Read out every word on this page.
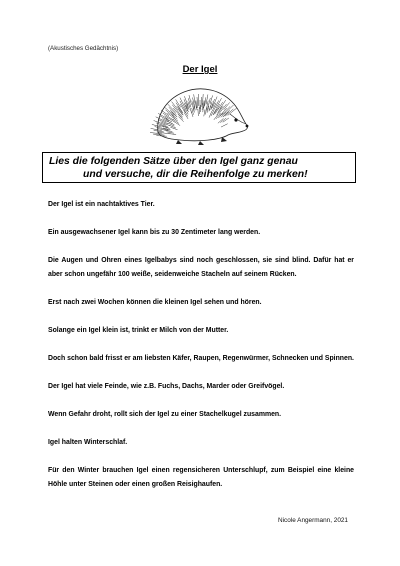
(Akustisches Gedächtnis)
Der Igel
Lies die folgenden Sätze über den Igel ganz genau
und versuche, dir die Reihenfolge zu merken!

Der Igel ist ein nachtaktives Tier.

Ein ausgewachsener Igel kann bis zu 30 Zentimeter lang werden.

Die Augen und Ohren eines Igelbabys sind noch geschlossen, sie sind blind. Dafür hat er aber schon ungefähr 100 weiße, seidenweiche Stacheln auf seinem Rücken.

Erst nach zwei Wochen können die kleinen Igel sehen und hören.

Solange ein Igel klein ist, trinkt er Milch von der Mutter.

Doch schon bald frisst er am liebsten Käfer, Raupen, Regenwürmer, Schnecken und Spinnen.

Der Igel hat viele Feinde, wie z.B. Fuchs, Dachs, Marder oder Greifvögel.

Wenn Gefahr droht, rollt sich der Igel zu einer Stachelkugel zusammen.

Igel halten Winterschlaf.

Für den Winter brauchen Igel einen regensicheren Unterschlupf, zum Beispiel eine kleine Höhle unter Steinen oder einen großen Reisighaufen.

Nicole Angermann, 2021
